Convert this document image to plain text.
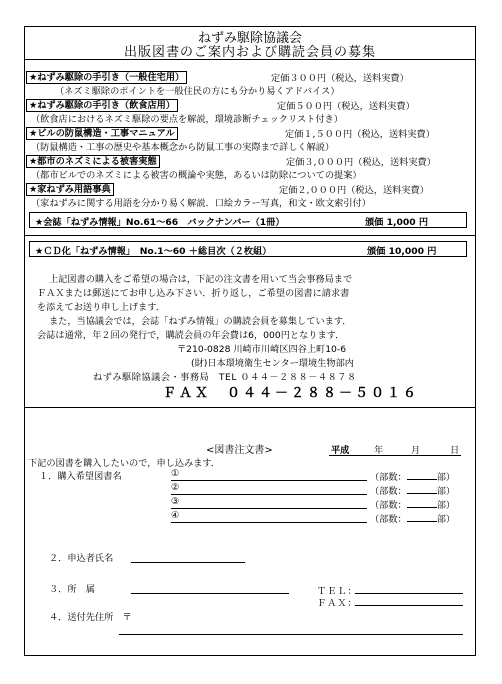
ねずみ駆除協議会
出版図書のご案内および購読会員の募集
★ねずみ駆除の手引き（一般住宅用）	定価３００円（税込，送料実費）
（ネズミ駆除のポイントを一般住民の方にも分かり易くアドバイス）
★ねずみ駆除の手引き（飲食店用）	定価５００円（税込，送料実費）
（飲食店におけるネズミ駆除の要点を解説，環境診断チェックリスト付き）
★ビルの防鼠構造・工事マニュアル	定価１,５００円（税込，送料実費）
（防鼠構造・工事の歴史や基本概念から防鼠工事の実際まで詳しく解説）
★都市のネズミによる被害実態	定価３,０００円（税込，送料実費）
（都市ビルでのネズミによる被害の概論や実態，あるいは防除についての提案）
★家ねずみ用語事典	定価２,０００円（税込，送料実費）
（家ねずみに関する用語を分かり易く解説．口絵カラー写真，和文・欧文索引付）
★会誌「ねずみ情報」No.61〜66　バックナンバー（1冊）	頒価 1,000 円
★ＣＤ化「ねずみ情報」　No.1〜60 ＋総目次（２枚組）	頒価 10,000 円
上記図書の購入をご希望の場合は，下記の注文書を用いて当会事務局まで
ＦＡＸまたは郵送にてお申し込み下さい．折り返し，ご希望の図書に請求書
を添えてお送り申し上げます．
また，当協議会では，会誌「ねずみ情報」の購読会員を募集しています．
会誌は通常，年２回の発行で，購読会員の年会費は6，000円となります．
〒210-0828 川崎市川崎区四谷上町10-6
(財)日本環境衛生センター環境生物部内
ねずみ駆除協議会・事務局　TEL ０４４－２８８－４８７８
ＦＡＸ　０４４－２８８－５０１６
<図書注文書>	平成	年	月	日
下記の図書を購入したいので，申し込みます．
１．購入希望図書名	①	（部数：	部）
②	（部数：	部）
③	（部数：	部）
④	（部数：	部）
２．申込者氏名
３．所　属	ＴＥＬ：
ＦＡＸ：
４．送付先住所　〒
